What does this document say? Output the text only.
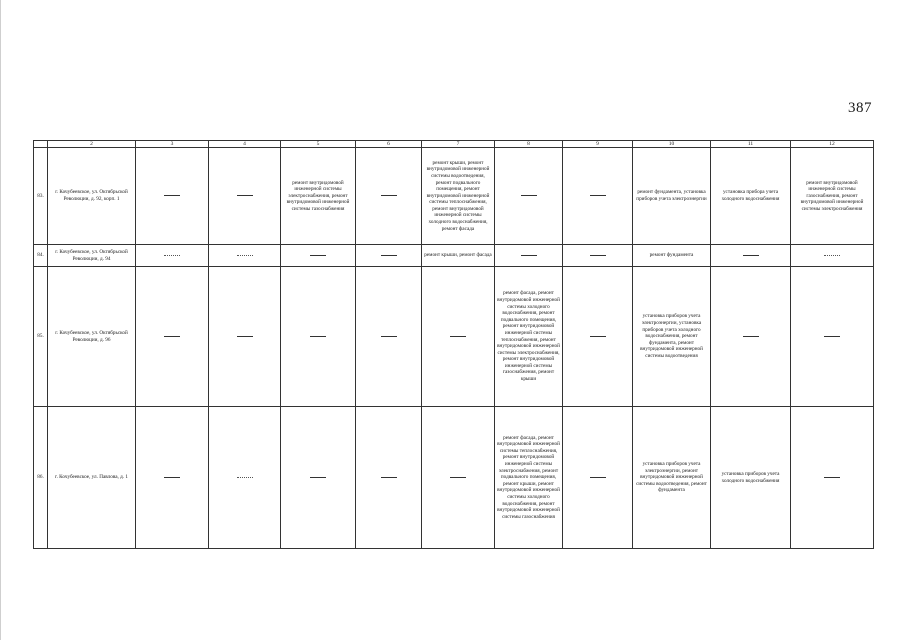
387
	2	3	4	5	6	7	8	9	10	11	12
83.	г. Кочубеевское, ул. Октябрьской Революции, д. 92, корп. 1			ремонт внутридомовой инженерной системы электроснабжения, ремонт внутридомовой инженерной системы газоснабжения		ремонт крыши, ремонт внутридомовой инженерной системы водоотведения, ремонт подвального помещения, ремонт внутридомовой инженерной системы теплоснабжения, ремонт внутридомовой инженерной системы холодного водоснабжения, ремонт фасада			ремонт фундамента, установка приборов учета электроэнергии	установка прибора учета холодного водоснабжения	ремонт внутридомовой инженерной системы газоснабжения, ремонт внутридомовой инженерной системы электроснабжения
84.	г. Кочубеевское, ул. Октябрьской Революции, д. 94					ремонт крыши, ремонт фасада			ремонт фундамента		
85.	г. Кочубеевское, ул. Октябрьской Революции, д. 96						ремонт фасада, ремонт внутридомовой инженерной системы холодного водоснабжения, ремонт подвального помещения, ремонт внутридомовой инженерной системы теплоснабжения, ремонт внутридомовой инженерной системы электроснабжения, ремонт внутридомовой инженерной системы газоснабжения, ремонт крыши		установка приборов учета электроэнергии, установка приборов учета холодного водоснабжения, ремонт фундамента, ремонт внутридомовой инженерной системы водоотведения		
86.	г. Кочубеевское, ул. Павлова, д. 1						ремонт фасада, ремонт внутридомовой инженерной системы теплоснабжения, ремонт внутридомовой инженерной системы электроснабжения, ремонт подвального помещения, ремонт крыши, ремонт внутридомовой инженерной системы холодного водоснабжения, ремонт внутридомовой инженерной системы газоснабжения		установка приборов учета электроэнергии, ремонт внутридомовой инженерной системы водоотведения, ремонт фундамента	установка приборов учета холодного водоснабжения	
